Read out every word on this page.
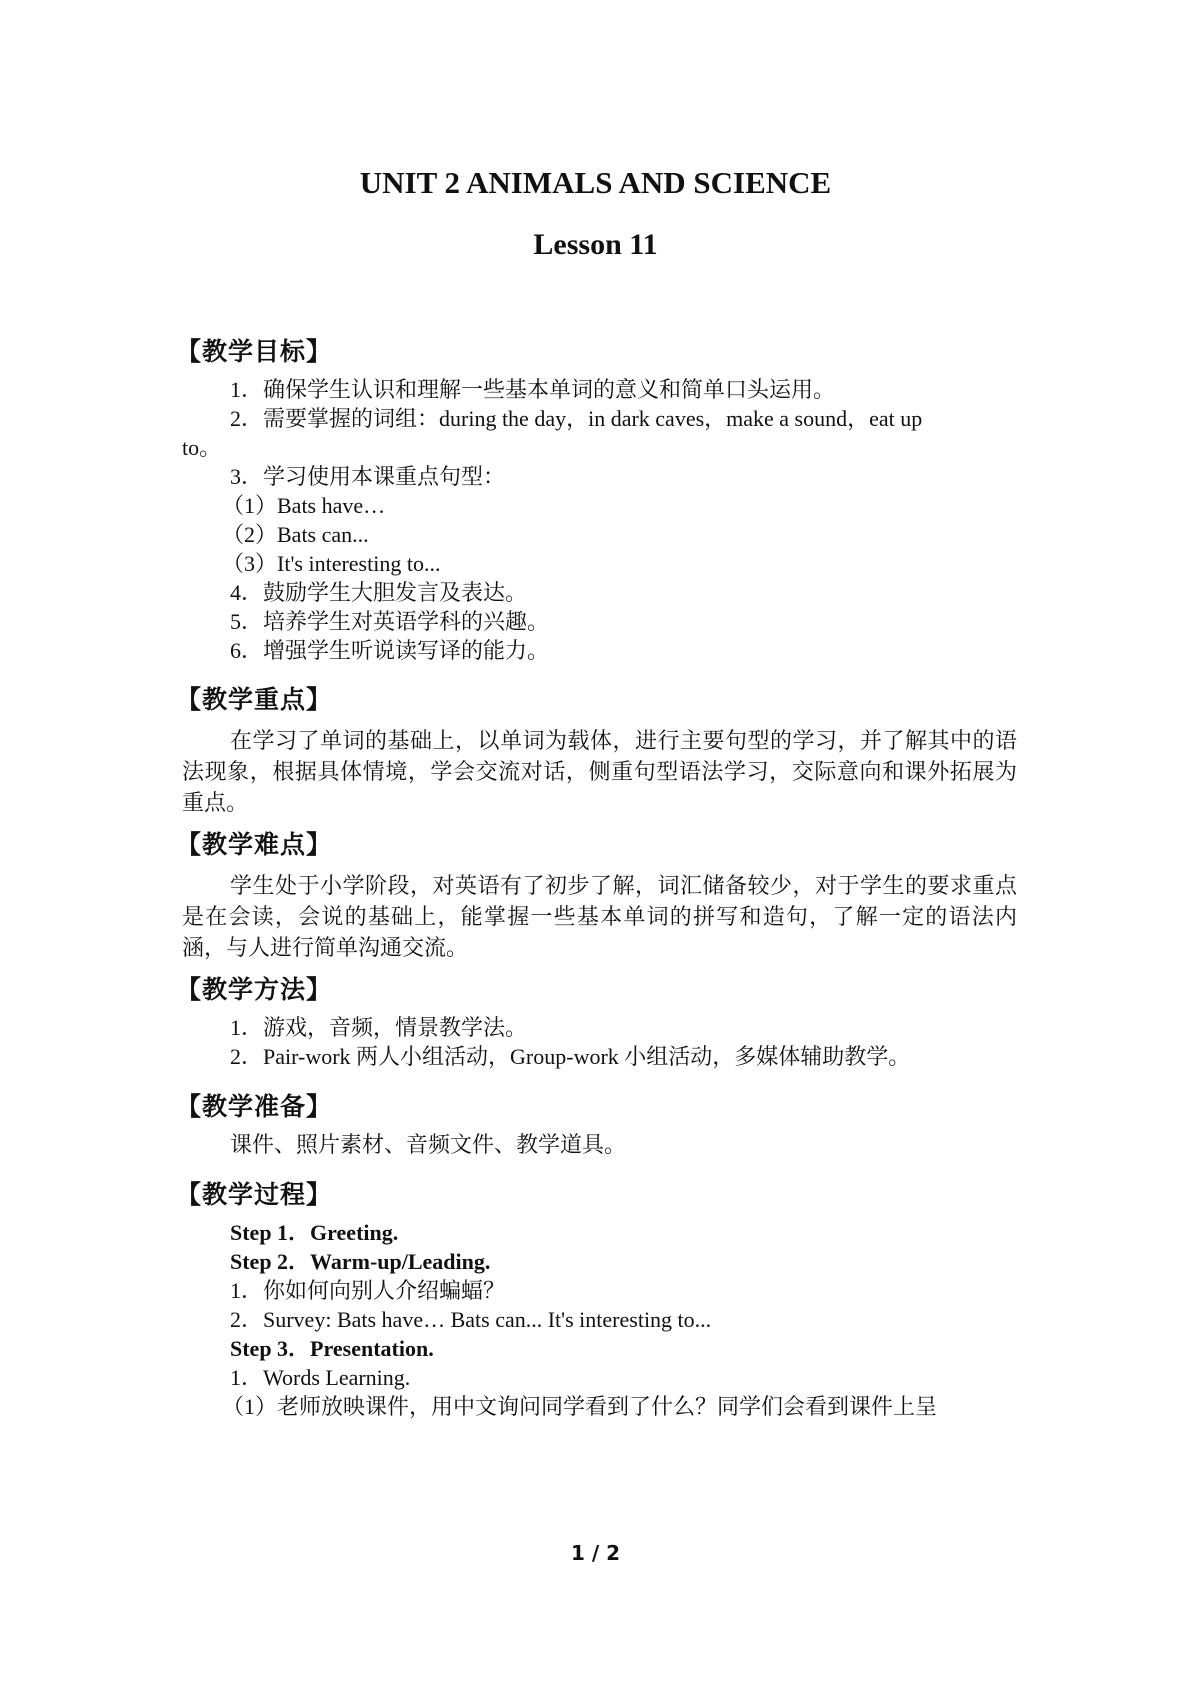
UNIT 2 ANIMALS AND SCIENCE
Lesson 11
【教学目标】
1．确保学生认识和理解一些基本单词的意义和简单口头运用。
2．需要掌握的词组：during the day，in dark caves，make a sound，eat up
to。
3．学习使用本课重点句型：
（1）Bats have…
（2）Bats can...
（3）It's interesting to...
4．鼓励学生大胆发言及表达。
5．培养学生对英语学科的兴趣。
6．增强学生听说读写译的能力。
【教学重点】
在学习了单词的基础上，以单词为载体，进行主要句型的学习，并了解其中的语法现象，根据具体情境，学会交流对话，侧重句型语法学习，交际意向和课外拓展为重点。
【教学难点】
学生处于小学阶段，对英语有了初步了解，词汇储备较少，对于学生的要求重点是在会读，会说的基础上，能掌握一些基本单词的拼写和造句，了解一定的语法内涵，与人进行简单沟通交流。
【教学方法】
1．游戏，音频，情景教学法。
2．Pair-work 两人小组活动，Group-work 小组活动，多媒体辅助教学。
【教学准备】
课件、照片素材、音频文件、教学道具。
【教学过程】
Step 1．Greeting.
Step 2．Warm-up/Leading.
1．你如何向别人介绍蝙蝠？
2．Survey: Bats have… Bats can... It's interesting to...
Step 3．Presentation.
1．Words Learning.
（1）老师放映课件，用中文询问同学看到了什么？同学们会看到课件上呈
1 / 2
